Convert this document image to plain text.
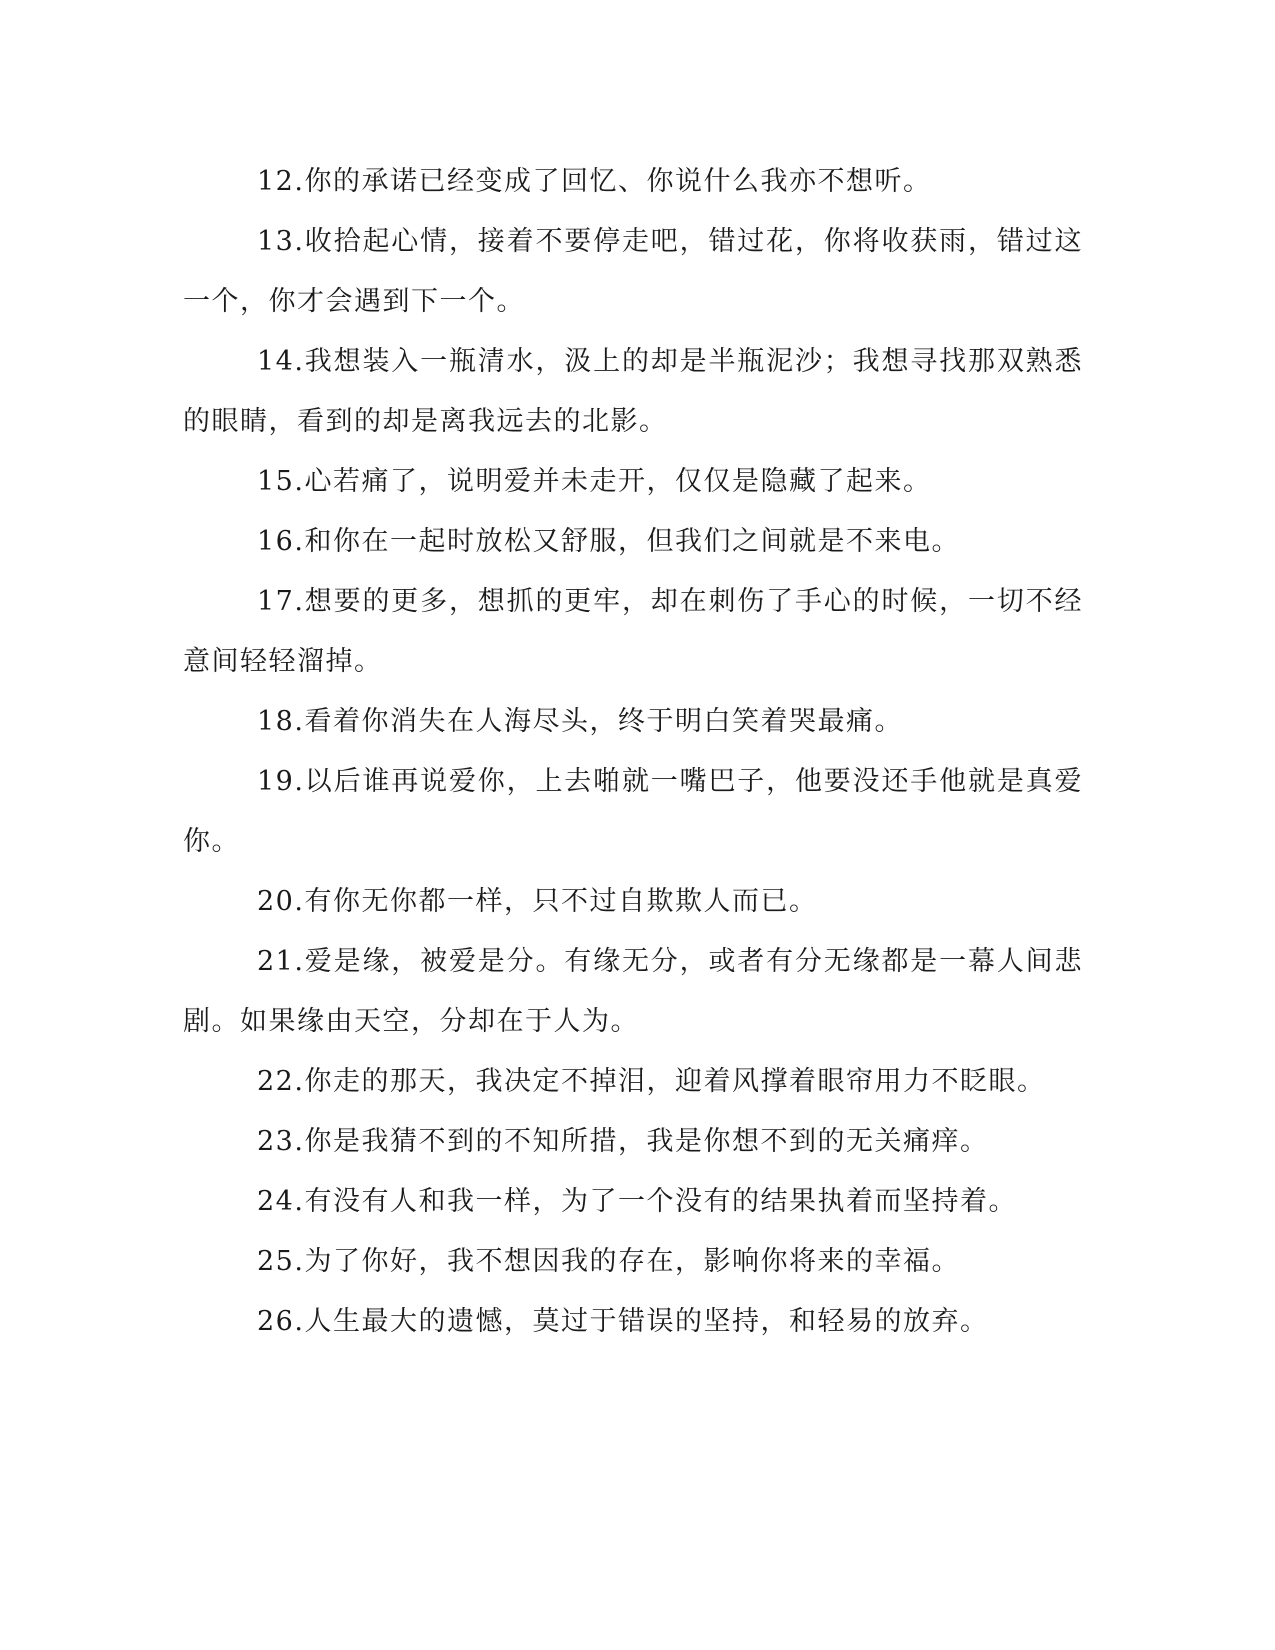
12.你的承诺已经变成了回忆、你说什么我亦不想听。

13.收拾起心情，接着不要停走吧，错过花，你将收获雨，错过这一个，你才会遇到下一个。

14.我想装入一瓶清水，汲上的却是半瓶泥沙；我想寻找那双熟悉的眼睛，看到的却是离我远去的北影。

15.心若痛了，说明爱并未走开，仅仅是隐藏了起来。

16.和你在一起时放松又舒服，但我们之间就是不来电。

17.想要的更多，想抓的更牢，却在刺伤了手心的时候，一切不经意间轻轻溜掉。

18.看着你消失在人海尽头，终于明白笑着哭最痛。

19.以后谁再说爱你，上去啪就一嘴巴子，他要没还手他就是真爱你。

20.有你无你都一样，只不过自欺欺人而已。

21.爱是缘，被爱是分。有缘无分，或者有分无缘都是一幕人间悲剧。如果缘由天空，分却在于人为。

22.你走的那天，我决定不掉泪，迎着风撑着眼帘用力不眨眼。

23.你是我猜不到的不知所措，我是你想不到的无关痛痒。

24.有没有人和我一样，为了一个没有的结果执着而坚持着。

25.为了你好，我不想因我的存在，影响你将来的幸福。

26.人生最大的遗憾，莫过于错误的坚持，和轻易的放弃。
